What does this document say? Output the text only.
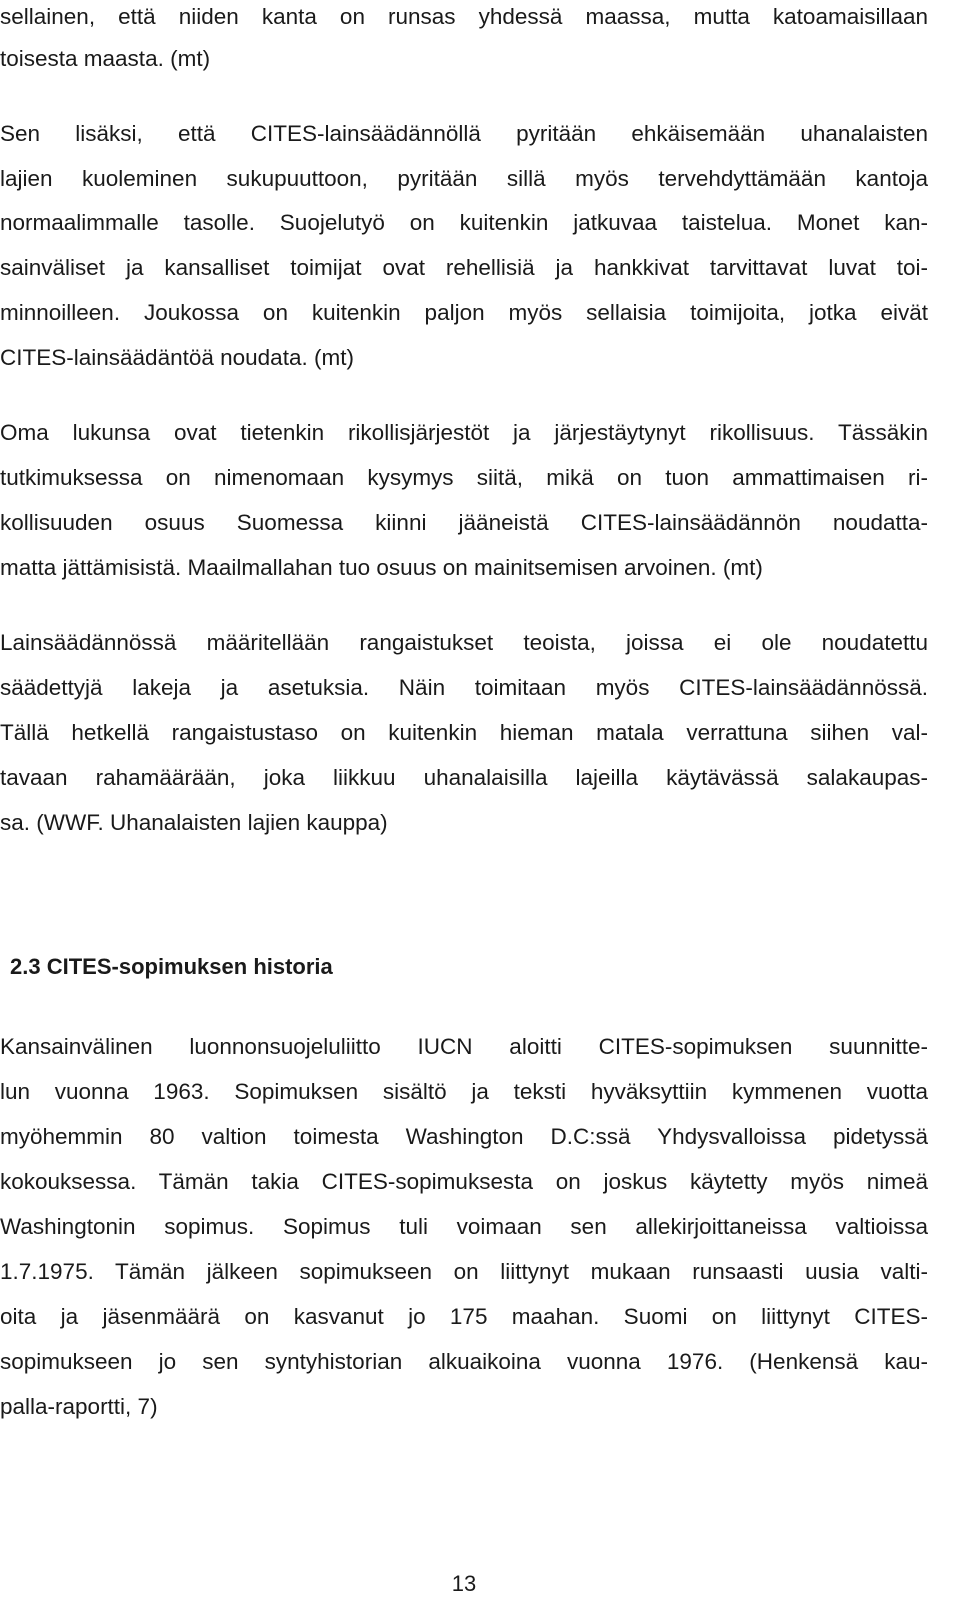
sellainen, että niiden kanta on runsas yhdessä maassa, mutta katoamaisillaan
toisesta maasta. (mt)
Sen lisäksi, että CITES-lainsäädännöllä pyritään ehkäisemään uhanalaisten
lajien kuoleminen sukupuuttoon, pyritään sillä myös tervehdyttämään kantoja
normaalimmalle tasolle. Suojelutyö on kuitenkin jatkuvaa taistelua. Monet kan-
sainväliset ja kansalliset toimijat ovat rehellisiä ja hankkivat tarvittavat luvat toi-
minnoilleen. Joukossa on kuitenkin paljon myös sellaisia toimijoita, jotka eivät
CITES-lainsäädäntöä noudata. (mt)
Oma lukunsa ovat tietenkin rikollisjärjestöt ja järjestäytynyt rikollisuus. Tässäkin
tutkimuksessa on nimenomaan kysymys siitä, mikä on tuon ammattimaisen ri-
kollisuuden osuus Suomessa kiinni jääneistä CITES-lainsäädännön noudatta-
matta jättämisistä. Maailmallahan tuo osuus on mainitsemisen arvoinen. (mt)
Lainsäädännössä määritellään rangaistukset teoista, joissa ei ole noudatettu
säädettyjä lakeja ja asetuksia. Näin toimitaan myös CITES-lainsäädännössä.
Tällä hetkellä rangaistustaso on kuitenkin hieman matala verrattuna siihen val-
tavaan rahamäärään, joka liikkuu uhanalaisilla lajeilla käytävässä salakaupas-
sa. (WWF. Uhanalaisten lajien kauppa)
2.3 CITES-sopimuksen historia
Kansainvälinen luonnonsuojeluliitto IUCN aloitti CITES-sopimuksen suunnitte-
lun vuonna 1963. Sopimuksen sisältö ja teksti hyväksyttiin kymmenen vuotta
myöhemmin 80 valtion toimesta Washington D.C:ssä Yhdysvalloissa pidetyssä
kokouksessa. Tämän takia CITES-sopimuksesta on joskus käytetty myös nimeä
Washingtonin sopimus. Sopimus tuli voimaan sen allekirjoittaneissa valtioissa
1.7.1975. Tämän jälkeen sopimukseen on liittynyt mukaan runsaasti uusia valti-
oita ja jäsenmäärä on kasvanut jo 175 maahan. Suomi on liittynyt CITES-
sopimukseen jo sen syntyhistorian alkuaikoina vuonna 1976. (Henkensä kau-
palla-raportti, 7)
13
